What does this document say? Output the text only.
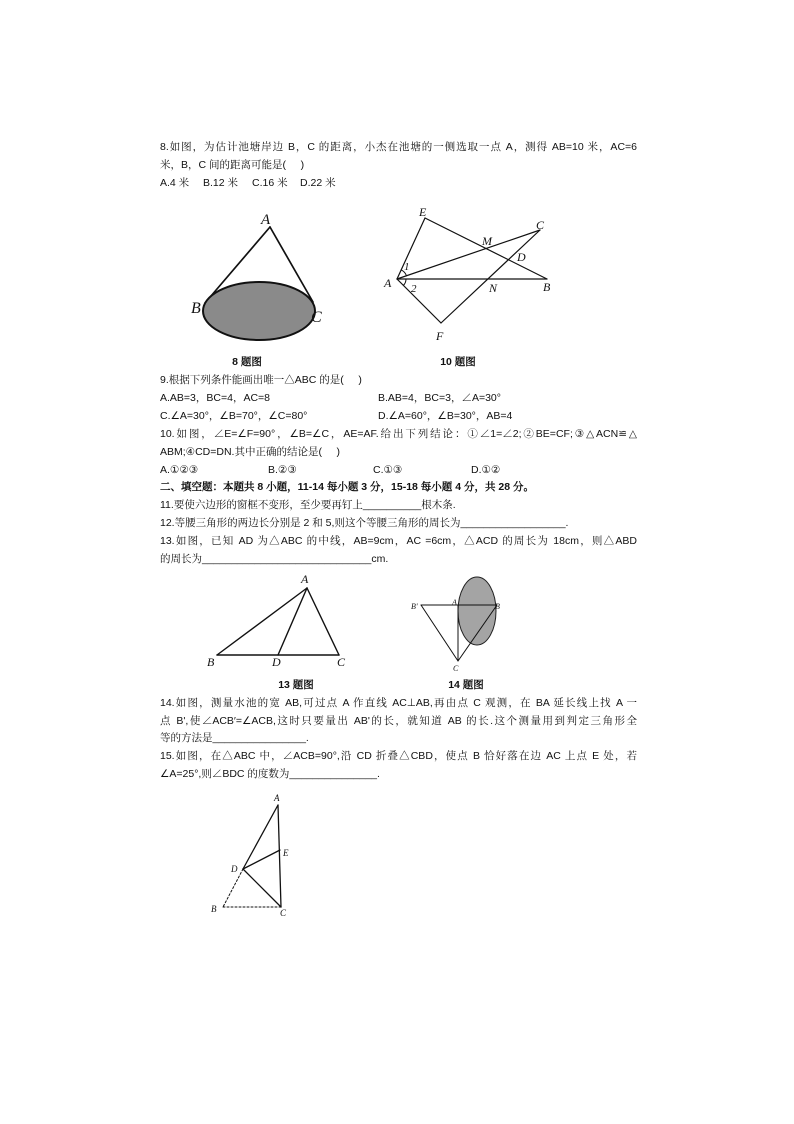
8.如图，为估计池塘岸边 B，C 的距离，小杰在池塘的一侧选取一点 A，测得 AB=10 米，AC=6
米，B，C 间的距离可能是(     )
A.4 米 B.12 米 C.16 米 D.22 米
A
B
C
E
C
M
D
1
A 2	N	B
F
8 题图	10 题图
9.根据下列条件能画出唯一△ABC 的是(     )
A.AB=3，BC=4，AC=8	B.AB=4，BC=3，∠A=30°
C.∠A=30°，∠B=70°，∠C=80°	D.∠A=60°，∠B=30°，AB=4
10.如图，∠E=∠F=90°，∠B=∠C，AE=AF.给出下列结论：①∠1=∠2;②BE=CF;③△ACN≌△
ABM;④CD=DN.其中正确的结论是(     )
A.①②③	B.②③	C.①③	D.①②
二、填空题：本题共 8 小题，11-14 每小题 3 分，15-18 每小题 4 分，共 28 分。
11.要使六边形的窗框不变形，至少要再钉上__________根木条.
12.等腰三角形的两边长分别是 2 和 5,则这个等腰三角形的周长为__________________.
13.如图，已知 AD 为△ABC 的中线，AB=9cm，AC =6cm，△ACD 的周长为 18cm，则△ABD
的周长为_____________________________cm.
A
B	D	C
B'	A	B
C
13 题图	14 题图
14.如图，测量水池的宽 AB,可过点 A 作直线 AC⊥AB,再由点 C 观测，在 BA 延长线上找 A 一
点 B',使∠ACB′=∠ACB,这时只要量出 AB'的长，就知道 AB 的长.这个测量用到判定三角形全
等的方法是________________.
15.如图，在△ABC 中，∠ACB=90°,沿 CD 折叠△CBD，使点 B 恰好落在边 AC 上点 E 处，若
∠A=25°,则∠BDC 的度数为_______________.
A
E
D
B	C
